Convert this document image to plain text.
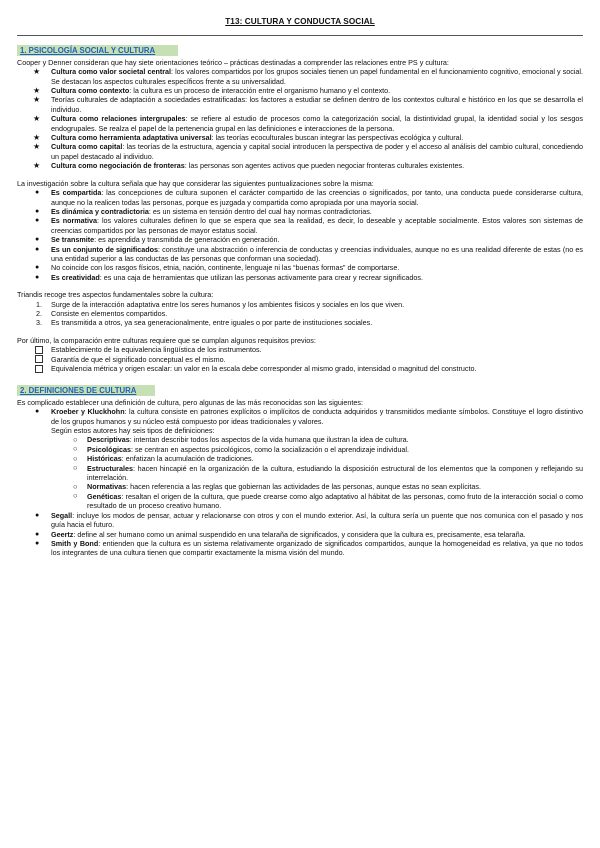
T13: CULTURA Y CONDUCTA SOCIAL
1. PSICOLOGÍA SOCIAL Y CULTURA

Cooper y Denner consideran que hay siete orientaciones teórico – prácticas destinadas a comprender las relaciones entre PS y cultura:

★ Cultura como valor societal central: los valores compartidos por los grupos sociales tienen un papel fundamental en el funcionamiento cognitivo, emocional y social. Se destacan los aspectos culturales específicos frente a su universalidad.
★ Cultura como contexto: la cultura es un proceso de interacción entre el organismo humano y el contexto.
★ Teorías culturales de adaptación a sociedades estratificadas: los factores a estudiar se definen dentro de los contextos cultural e histórico en los que se desarrolla el individuo.
★ Cultura como relaciones intergrupales: se refiere al estudio de procesos como la categorización social, la distintividad grupal, la identidad social y los sesgos endogrupales. Se realza el papel de la pertenencia grupal en las definiciones e interacciones de la persona.
★ Cultura como herramienta adaptativa universal: las teorías ecoculturales buscan integrar las perspectivas ecológica y cultural.
★ Cultura como capital: las teorías de la estructura, agencia y capital social introducen la perspectiva de poder y el acceso al análisis del cambio cultural, concediendo un papel destacado al individuo.
★ Cultura como negociación de fronteras: las personas son agentes activos que pueden negociar fronteras culturales existentes.

La investigación sobre la cultura señala que hay que considerar las siguientes puntualizaciones sobre la misma:

● Es compartida: las concepciones de cultura suponen el carácter compartido de las creencias o significados, por tanto, una conducta puede considerarse cultura, aunque no la realicen todas las personas, porque es juzgada y compartida como apropiada por una mayoría social.
● Es dinámica y contradictoria: es un sistema en tensión dentro del cual hay normas contradictorias.
● Es normativa: los valores culturales definen lo que se espera que sea la realidad, es decir, lo deseable y aceptable socialmente. Estos valores son sistemas de creencias compartidos por las personas de mayor estatus social.
● Se transmite: es aprendida y transmitida de generación en generación.
● Es un conjunto de significados: constituye una abstracción o inferencia de conductas y creencias individuales, aunque no es una realidad diferente de estas (no es una entidad superior a las conductas de las personas que conforman una sociedad).
● No coincide con los rasgos físicos, etnia, nación, continente, lenguaje ni las “buenas formas” de comportarse.
● Es creatividad: es una caja de herramientas que utilizan las personas activamente para crear y recrear significados.

Triandis recoge tres aspectos fundamentales sobre la cultura:

1. Surge de la interacción adaptativa entre los seres humanos y los ambientes físicos y sociales en los que viven.
2. Consiste en elementos compartidos.
3. Es transmitida a otros, ya sea generacionalmente, entre iguales o por parte de instituciones sociales.

Por último, la comparación entre culturas requiere que se cumplan algunos requisitos previos:

Establecimiento de la equivalencia lingüística de los instrumentos.
Garantía de que el significado conceptual es el mismo.
Equivalencia métrica y origen escalar: un valor en la escala debe corresponder al mismo grado, intensidad o magnitud del constructo.
2. DEFINICIONES DE CULTURA

Es complicado establecer una definición de cultura, pero algunas de las más reconocidas son las siguientes:

● Kroeber y Kluckhohn: la cultura consiste en patrones explícitos o implícitos de conducta adquiridos y transmitidos mediante símbolos. Constituye el logro distintivo de los grupos humanos y su núcleo está compuesto por ideas tradicionales y valores.
Según estos autores hay seis tipos de definiciones:
○ Descriptivas: intentan describir todos los aspectos de la vida humana que ilustran la idea de cultura.
○ Psicológicas: se centran en aspectos psicológicos, como la socialización o el aprendizaje individual.
○ Históricas: enfatizan la acumulación de tradiciones.
○ Estructurales: hacen hincapié en la organización de la cultura, estudiando la disposición estructural de los elementos que la componen y reflejando su interrelación.
○ Normativas: hacen referencia a las reglas que gobiernan las actividades de las personas, aunque estas no sean explícitas.
○ Genéticas: resaltan el origen de la cultura, que puede crearse como algo adaptativo al hábitat de las personas, como fruto de la interacción social o como resultado de un proceso creativo humano.
● Segall: incluye los modos de pensar, actuar y relacionarse con otros y con el mundo exterior. Así, la cultura sería un puente que nos comunica con el pasado y nos guía hacia el futuro.
● Geertz: define al ser humano como un animal suspendido en una telaraña de significados, y considera que la cultura es, precisamente, esa telaraña.
● Smith y Bond: entienden que la cultura es un sistema relativamente organizado de significados compartidos, aunque la homogeneidad es relativa, ya que no todos los integrantes de una cultura tienen que compartir exactamente la misma visión del mundo.
